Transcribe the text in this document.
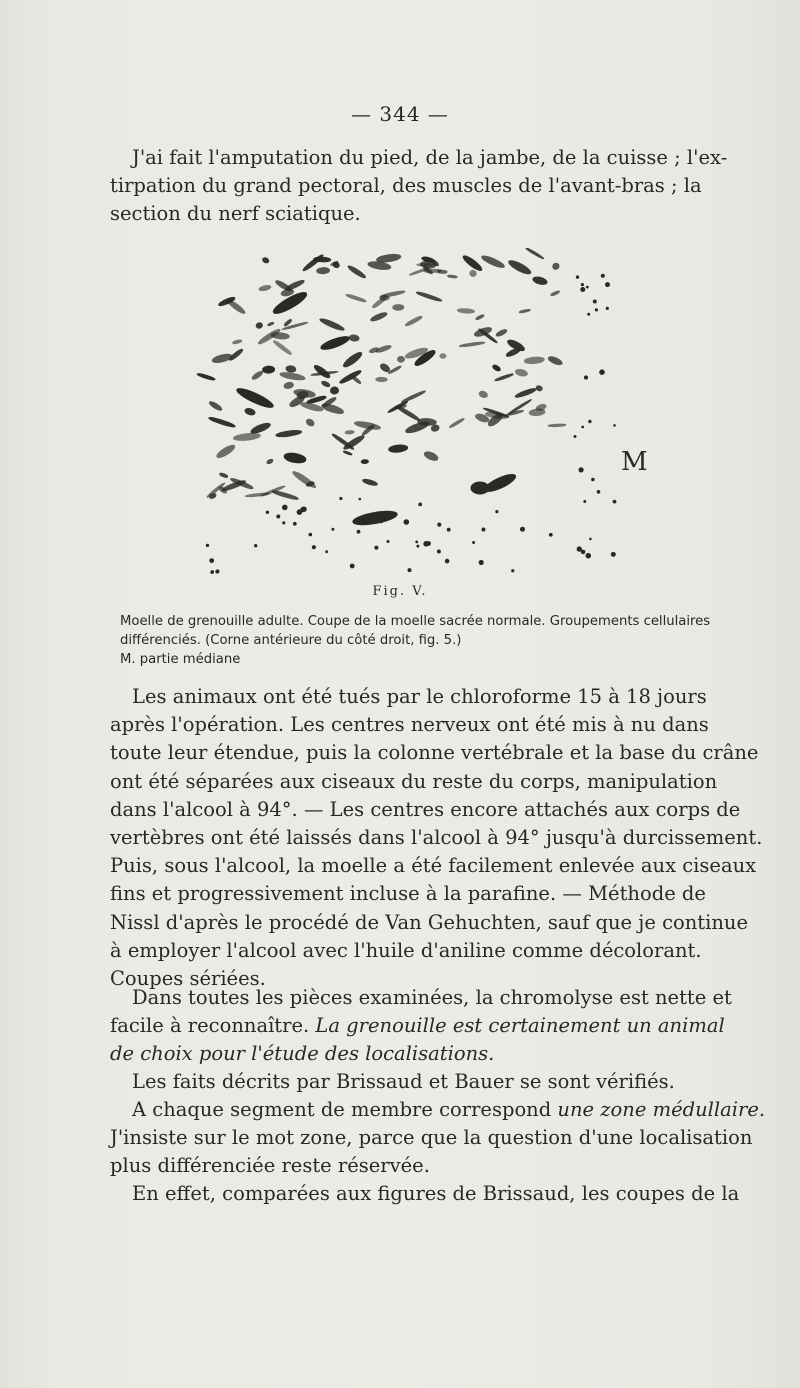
— 344 —
J'ai fait l'amputation du pied, de la jambe, de la cuisse ; l'ex-
tirpation du grand pectoral, des muscles de l'avant-bras ; la
section du nerf sciatique.
M
Fig. V.
Moelle de grenouille adulte. Coupe de la moelle sacrée normale. Groupements cellulaires
différenciés. (Corne antérieure du côté droit, fig. 5.)
M. partie médiane
Les animaux ont été tués par le chloroforme 15 à 18 jours
après l'opération. Les centres nerveux ont été mis à nu dans
toute leur étendue, puis la colonne vertébrale et la base du crâne
ont été séparées aux ciseaux du reste du corps, manipulation
dans l'alcool à 94°. — Les centres encore attachés aux corps de
vertèbres ont été laissés dans l'alcool à 94° jusqu'à durcissement.
Puis, sous l'alcool, la moelle a été facilement enlevée aux ciseaux
fins et progressivement incluse à la parafine. — Méthode de
Nissl d'après le procédé de Van Gehuchten, sauf que je continue
à employer l'alcool avec l'huile d'aniline comme décolorant.
Coupes sériées.
Dans toutes les pièces examinées, la chromolyse est nette et
facile à reconnaître. La grenouille est certainement un animal
de choix pour l'étude des localisations.
Les faits décrits par Brissaud et Bauer se sont vérifiés.
A chaque segment de membre correspond une zone médullaire.
J'insiste sur le mot zone, parce que la question d'une localisation
plus différenciée reste réservée.
En effet, comparées aux figures de Brissaud, les coupes de la
